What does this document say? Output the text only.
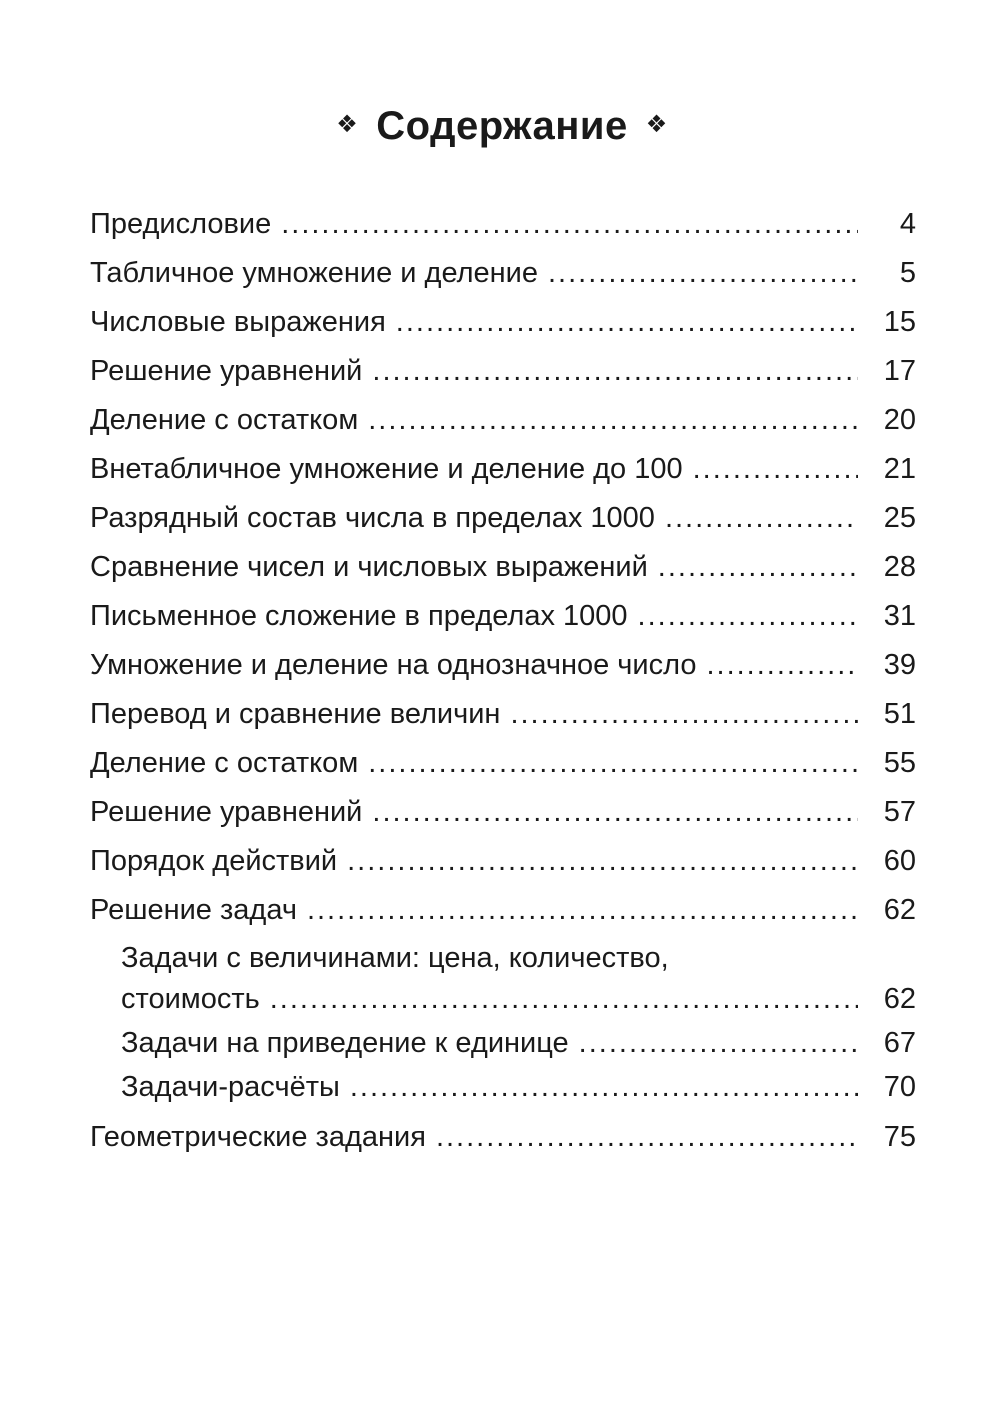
❖ Содержание ❖
Предисловие .....	4
Табличное умножение и деление .....	5
Числовые выражения .....	15
Решение уравнений .....	17
Деление с остатком .....	20
Внетабличное умножение и деление до 100 .....	21
Разрядный состав числа в пределах 1000 .....	25
Сравнение чисел и числовых выражений .....	28
Письменное сложение в пределах 1000 .....	31
Умножение и деление на однозначное число .....	39
Перевод и сравнение величин .....	51
Деление с остатком .....	55
Решение уравнений .....	57
Порядок действий .....	60
Решение задач .....	62
Задачи с величинами: цена, количество,
стоимость .....	62
Задачи на приведение к единице .....	67
Задачи-расчёты .....	70
Геометрические задания .....	75
